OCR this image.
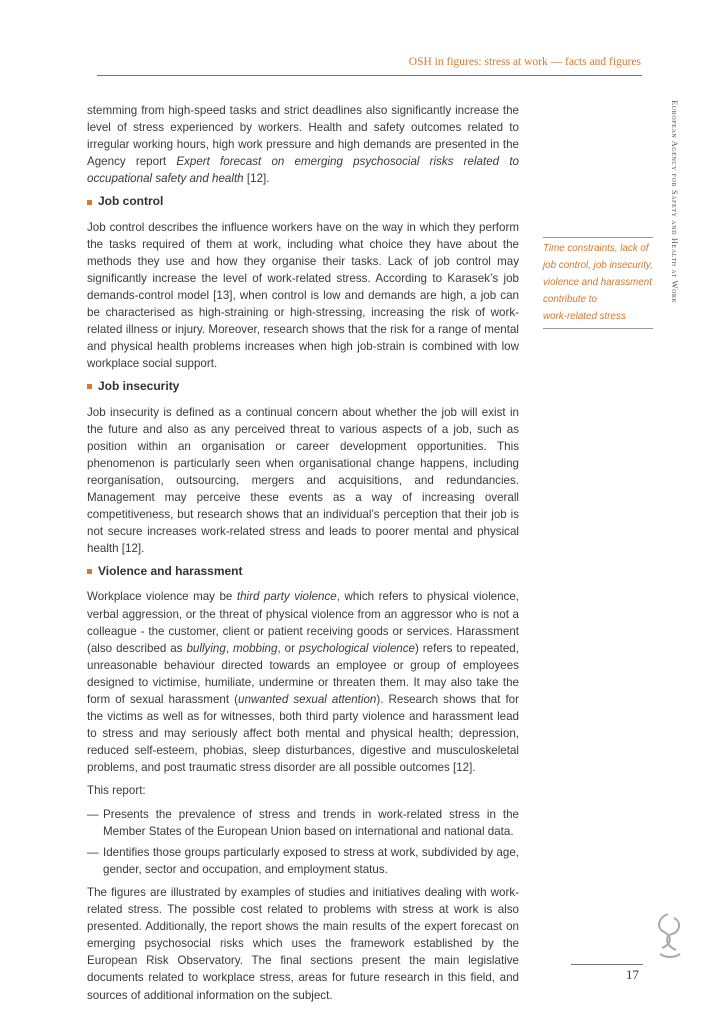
OSH in figures: stress at work — facts and figures
European Agency for Safety and Health at Work

stemming from high-speed tasks and strict deadlines also significantly increase the level of stress experienced by workers. Health and safety outcomes related to irregular working hours, high work pressure and high demands are presented in the Agency report Expert forecast on emerging psychosocial risks related to occupational safety and health [12].

Job control

Job control describes the influence workers have on the way in which they perform the tasks required of them at work, including what choice they have about the methods they use and how they organise their tasks. Lack of job control may significantly increase the level of work-related stress. According to Karasek’s job demands-control model [13], when control is low and demands are high, a job can be characterised as high-straining or high-stressing, increasing the risk of work-related illness or injury. Moreover, research shows that the risk for a range of mental and physical health problems increases when high job-strain is combined with low workplace social support.

Job insecurity

Job insecurity is defined as a continual concern about whether the job will exist in the future and also as any perceived threat to various aspects of a job, such as position within an organisation or career development opportunities. This phenomenon is particularly seen when organisational change happens, including reorganisation, outsourcing, mergers and acquisitions, and redundancies. Management may perceive these events as a way of increasing overall competitiveness, but research shows that an individual’s perception that their job is not secure increases work-related stress and leads to poorer mental and physical health [12].

Violence and harassment

Workplace violence may be third party violence, which refers to physical violence, verbal aggression, or the threat of physical violence from an aggressor who is not a colleague - the customer, client or patient receiving goods or services. Harassment (also described as bullying, mobbing, or psychological violence) refers to repeated, unreasonable behaviour directed towards an employee or group of employees designed to victimise, humiliate, undermine or threaten them. It may also take the form of sexual harassment (unwanted sexual attention). Research shows that for the victims as well as for witnesses, both third party violence and harassment lead to stress and may seriously affect both mental and physical health; depression, reduced self-esteem, phobias, sleep disturbances, digestive and musculoskeletal problems, and post traumatic stress disorder are all possible outcomes [12].

This report:

— Presents the prevalence of stress and trends in work-related stress in the Member States of the European Union based on international and national data.
— Identifies those groups particularly exposed to stress at work, subdivided by age, gender, sector and occupation, and employment status.

The figures are illustrated by examples of studies and initiatives dealing with work-related stress. The possible cost related to problems with stress at work is also presented. Additionally, the report shows the main results of the expert forecast on emerging psychosocial risks which uses the framework established by the European Risk Observatory. The final sections present the main legislative documents related to workplace stress, areas for future research in this field, and sources of additional information on the subject.

Time constraints, lack of
job control, job insecurity,
violence and harassment
contribute to
work-related stress
17
